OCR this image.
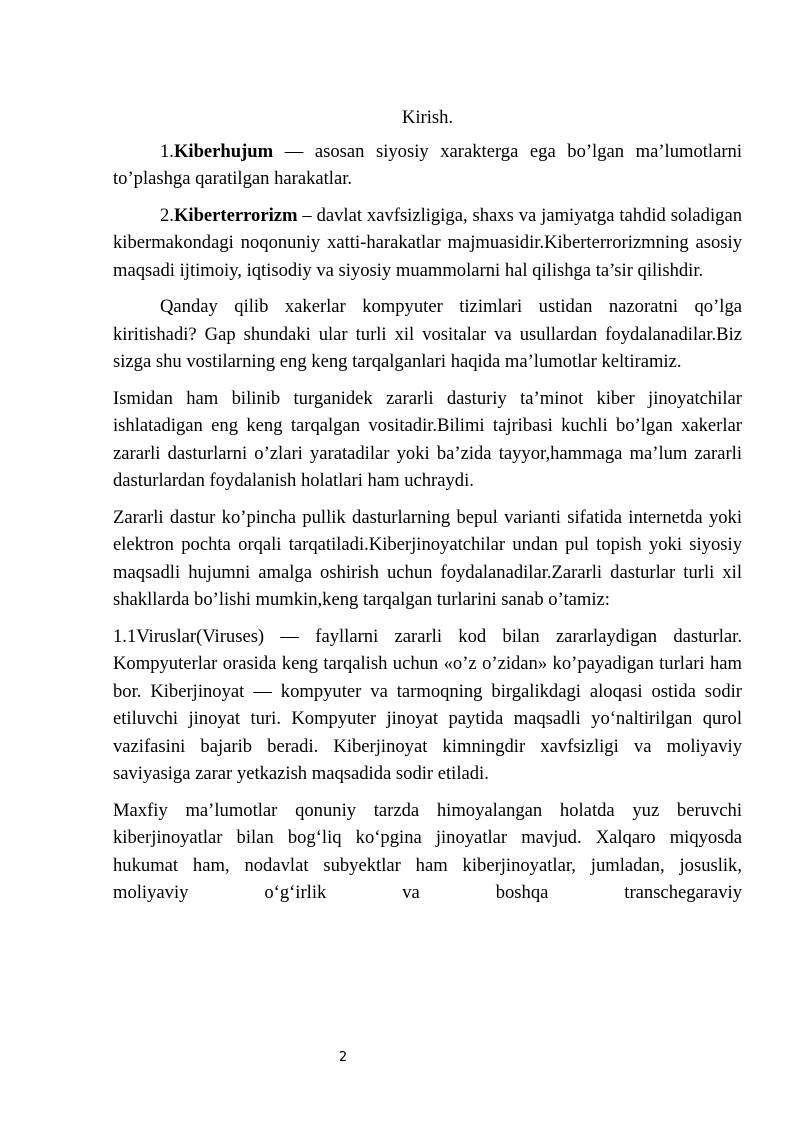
Kirish.

1.Kiberhujum — asosan siyosiy xarakterga ega bo’lgan ma’lumotlarni to’plashga qaratilgan harakatlar.

2.Kiberterrorizm – davlat xavfsizligiga, shaxs va jamiyatga tahdid soladigan kibermakondagi noqonuniy xatti-harakatlar majmuasidir.Kiberterrorizmning asosiy maqsadi ijtimoiy, iqtisodiy va siyosiy muammolarni hal qilishga ta’sir qilishdir.

Qanday qilib xakerlar kompyuter tizimlari ustidan nazoratni qo’lga kiritishadi? Gap shundaki ular turli xil vositalar va usullardan foydalanadilar.Biz sizga shu vostilarning eng keng tarqalganlari haqida ma’lumotlar keltiramiz.

Ismidan ham bilinib turganidek zararli dasturiy ta’minot kiber jinoyatchilar ishlatadigan eng keng tarqalgan vositadir.Bilimi tajribasi kuchli bo’lgan xakerlar zararli dasturlarni o’zlari yaratadilar yoki ba’zida tayyor,hammaga ma’lum zararli dasturlardan foydalanish holatlari ham uchraydi.

Zararli dastur ko’pincha pullik dasturlarning bepul varianti sifatida internetda yoki elektron pochta orqali tarqatiladi.Kiberjinoyatchilar undan pul topish yoki siyosiy maqsadli hujumni amalga oshirish uchun foydalanadilar.Zararli dasturlar turli xil shakllarda bo’lishi mumkin,keng tarqalgan turlarini sanab o’tamiz:

1.1Viruslar(Viruses) — fayllarni zararli kod bilan zararlaydigan dasturlar. Kompyuterlar orasida keng tarqalish uchun «o’z o’zidan» ko’payadigan turlari ham bor. Kiberjinoyat — kompyuter va tarmoqning birgalikdagi aloqasi ostida sodir etiluvchi jinoyat turi. Kompyuter jinoyat paytida maqsadli yo‘naltirilgan qurol vazifasini bajarib beradi. Kiberjinoyat kimningdir xavfsizligi va moliyaviy saviyasiga zarar yetkazish maqsadida sodir etiladi.

Maxfiy ma’lumotlar qonuniy tarzda himoyalangan holatda yuz beruvchi kiberjinoyatlar bilan bog‘liq ko‘pgina jinoyatlar mavjud. Xalqaro miqyosda hukumat ham, nodavlat subyektlar ham kiberjinoyatlar, jumladan, josuslik, moliyaviy o‘g‘irlik va boshqa transchegaraviy

2
